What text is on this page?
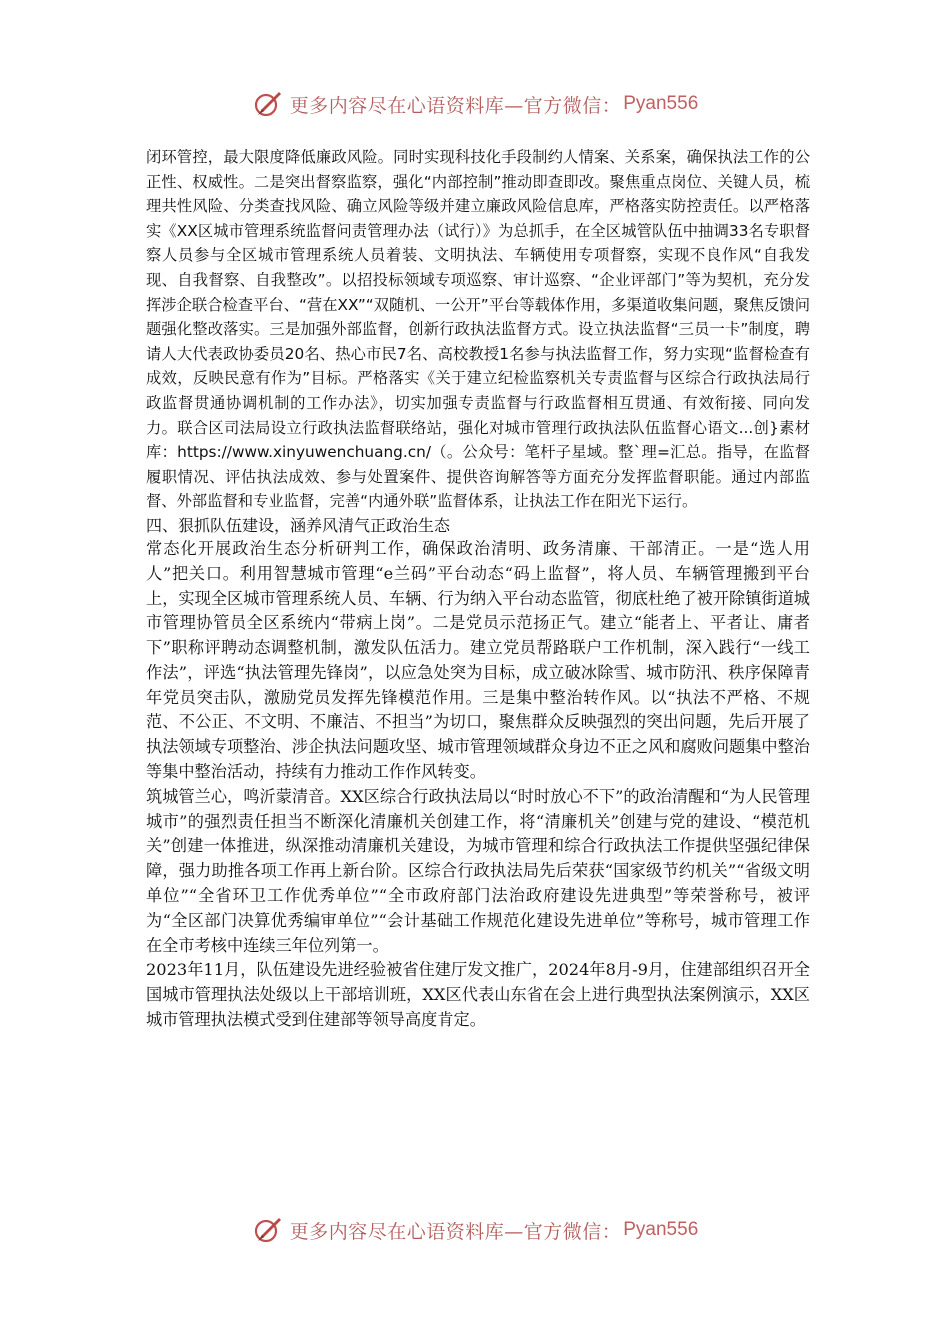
更多内容尽在心语资料库—官方微信： Pyan556

闭环管控，最大限度降低廉政风险。同时实现科技化手段制约人情案、关系案，确保执法工作的公正性、权威性。二是突出督察监察，强化“内部控制”推动即查即改。聚焦重点岗位、关键人员，梳理共性风险、分类查找风险、确立风险等级并建立廉政风险信息库，严格落实防控责任。以严格落实《XX区城市管理系统监督问责管理办法（试行）》为总抓手，在全区城管队伍中抽调33名专职督察人员参与全区城市管理系统人员着装、文明执法、车辆使用专项督察，实现不良作风“自我发现、自我督察、自我整改”。以招投标领域专项巡察、审计巡察、“企业评部门”等为契机，充分发挥涉企联合检查平台、“营在XX”“双随机、一公开”平台等载体作用，多渠道收集问题，聚焦反馈问题强化整改落实。三是加强外部监督，创新行政执法监督方式。设立执法监督“三员一卡”制度，聘请人大代表政协委员20名、热心市民7名、高校教授1名参与执法监督工作，努力实现“监督检查有成效，反映民意有作为”目标。严格落实《关于建立纪检监察机关专责监督与区综合行政执法局行政监督贯通协调机制的工作办法》，切实加强专责监督与行政监督相互贯通、有效衔接、同向发力。联合区司法局设立行政执法监督联络站，强化对城市管理行政执法队伍监督心语文...创}素材库：https://www.xinyuwenchuang.cn/（。公众号：笔杆子星域。整`理=汇总。指导，在监督履职情况、评估执法成效、参与处置案件、提供咨询解答等方面充分发挥监督职能。通过内部监督、外部监督和专业监督，完善“内通外联”监督体系，让执法工作在阳光下运行。

四、狠抓队伍建设，涵养风清气正政治生态

常态化开展政治生态分析研判工作，确保政治清明、政务清廉、干部清正。一是“选人用人”把关口。利用智慧城市管理“e兰码”平台动态“码上监督”，将人员、车辆管理搬到平台上，实现全区城市管理系统人员、车辆、行为纳入平台动态监管，彻底杜绝了被开除镇街道城市管理协管员全区系统内“带病上岗”。二是党员示范扬正气。建立“能者上、平者让、庸者下”职称评聘动态调整机制，激发队伍活力。建立党员帮路联户工作机制，深入践行“一线工作法”，评选“执法管理先锋岗”，以应急处突为目标，成立破冰除雪、城市防汛、秩序保障青年党员突击队，激励党员发挥先锋模范作用。三是集中整治转作风。以“执法不严格、不规范、不公正、不文明、不廉洁、不担当”为切口，聚焦群众反映强烈的突出问题，先后开展了执法领域专项整治、涉企执法问题攻坚、城市管理领域群众身边不正之风和腐败问题集中整治等集中整治活动，持续有力推动工作作风转变。

筑城管兰心，鸣沂蒙清音。XX区综合行政执法局以“时时放心不下”的政治清醒和“为人民管理城市”的强烈责任担当不断深化清廉机关创建工作，将“清廉机关”创建与党的建设、“模范机关”创建一体推进，纵深推动清廉机关建设，为城市管理和综合行政执法工作提供坚强纪律保障，强力助推各项工作再上新台阶。区综合行政执法局先后荣获“国家级节约机关”“省级文明单位”“全省环卫工作优秀单位”“全市政府部门法治政府建设先进典型”等荣誉称号，被评为“全区部门决算优秀编审单位”“会计基础工作规范化建设先进单位”等称号，城市管理工作在全市考核中连续三年位列第一。

2023年11月，队伍建设先进经验被省住建厅发文推广，2024年8月-9月，住建部组织召开全国城市管理执法处级以上干部培训班，XX区代表山东省在会上进行典型执法案例演示，XX区城市管理执法模式受到住建部等领导高度肯定。

更多内容尽在心语资料库—官方微信： Pyan556
